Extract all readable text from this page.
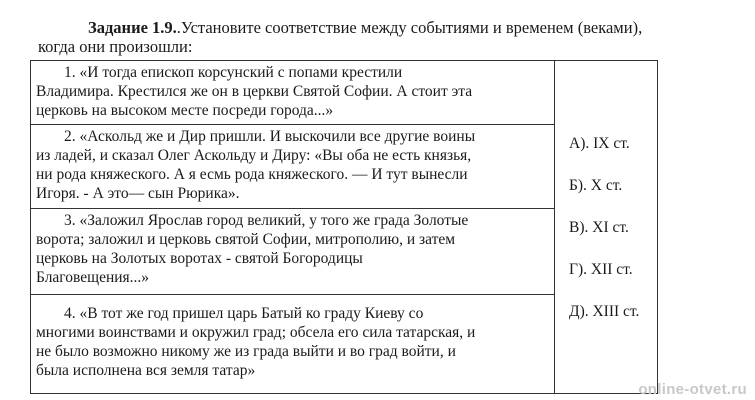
Задание 1.9..Установите соответствие между событиями и временем (веками),
когда они произошли:
1. «И тогда епископ корсунский с попами крестили
Владимира. Крестился же он в церкви Святой Софии. А стоит эта
церковь на высоком месте посреди города...»
2. «Аскольд же и Дир пришли. И выскочили все другие воины
из ладей, и сказал Олег Аскольду и Диру: «Вы оба не есть князья,
ни рода княжеского. А я есмь рода княжеского. — И тут вынесли
Игоря. - А это— сын Рюрика».
3. «Заложил Ярослав город великий, у того же града Золотые
ворота; заложил и церковь святой Софии, митрополию, и затем
церковь на Золотых воротах - святой Богородицы
Благовещения...»
4. «В тот же год пришел царь Батый ко граду Киеву со
многими воинствами и окружил град; обсела его сила татарская, и
не было возможно никому же из града выйти и во град войти, и
была исполнена вся земля татар»
А). IX ст.
Б). X ст.
В). XI ст.
Г). XII ст.
Д). XIII ст.
online-otvet.ru
